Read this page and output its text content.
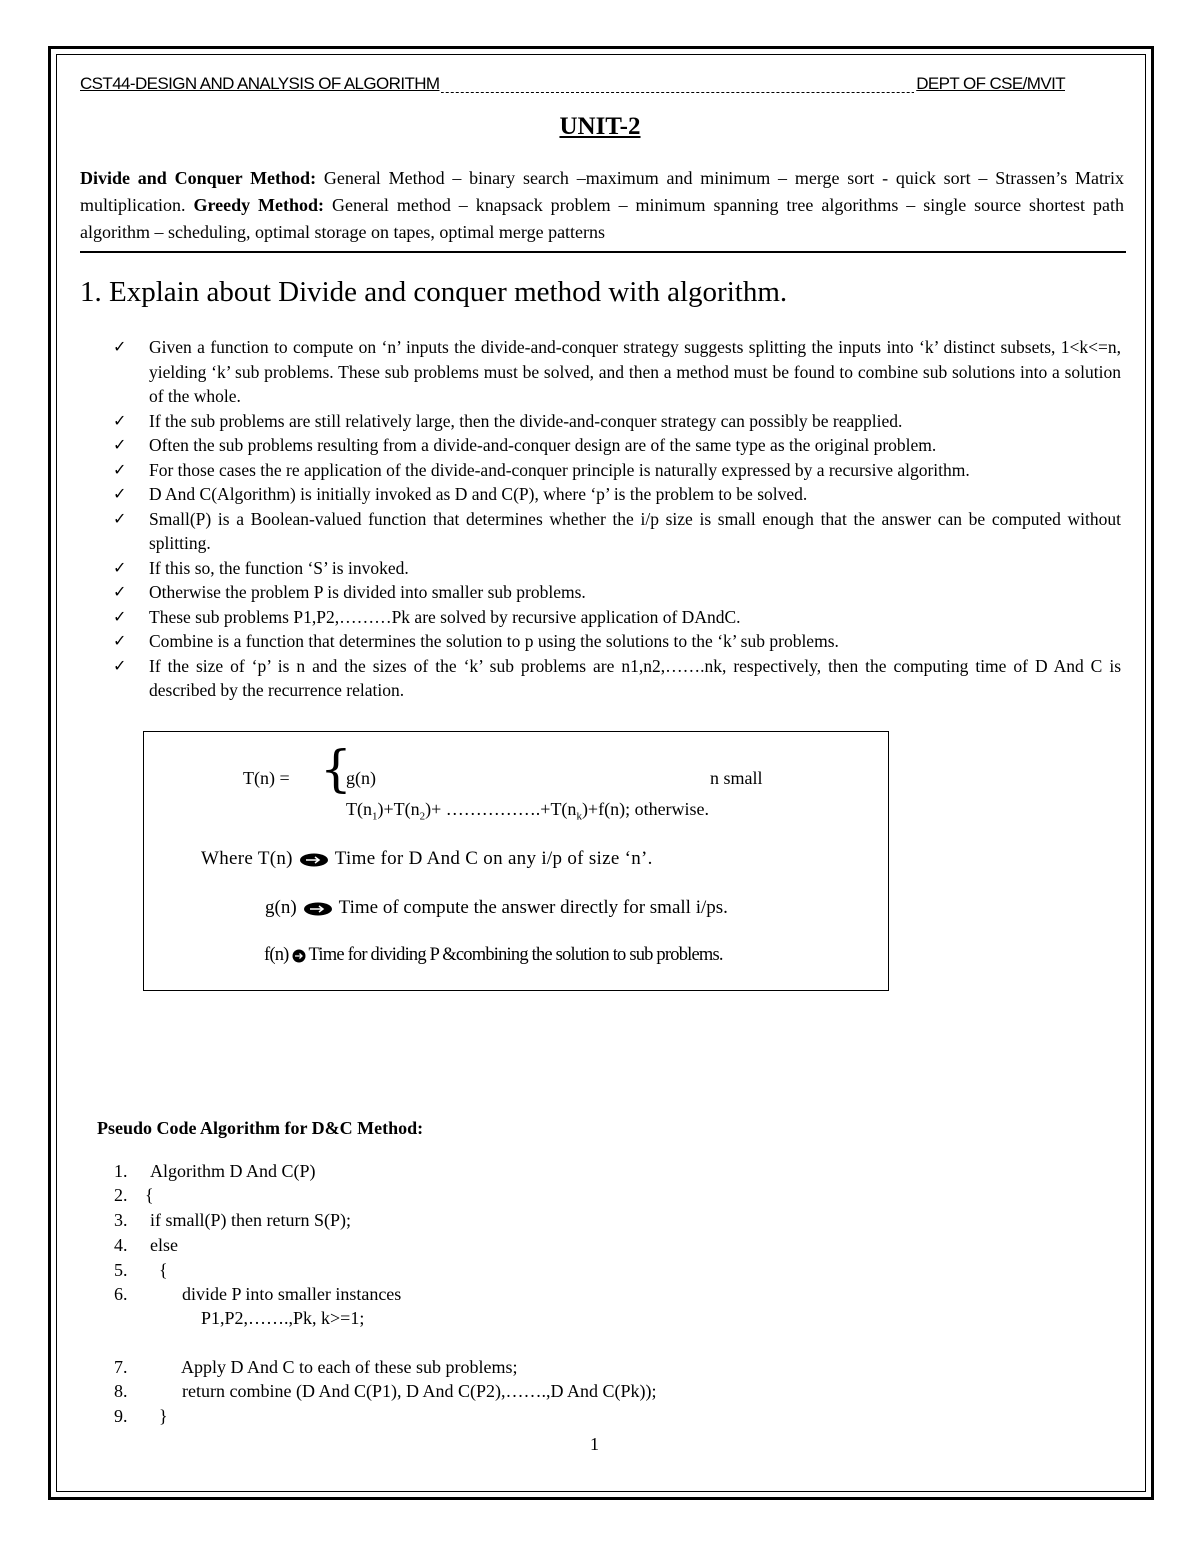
CST44-DESIGN AND ANALYSIS OF ALGORITHM	DEPT OF CSE/MVIT
UNIT-2
Divide and Conquer Method: General Method – binary search –maximum and minimum – merge sort - quick sort – Strassen’s Matrix multiplication. Greedy Method: General method – knapsack problem – minimum spanning tree algorithms – single source shortest path algorithm – scheduling, optimal storage on tapes, optimal merge patterns
1. Explain about Divide and conquer method with algorithm.
✓ Given a function to compute on ‘n’ inputs the divide-and-conquer strategy suggests splitting the inputs into ‘k’ distinct subsets, 1<k<=n, yielding ‘k’ sub problems. These sub problems must be solved, and then a method must be found to combine sub solutions into a solution of the whole.
✓ If the sub problems are still relatively large, then the divide-and-conquer strategy can possibly be reapplied.
✓ Often the sub problems resulting from a divide-and-conquer design are of the same type as the original problem.
✓ For those cases the re application of the divide-and-conquer principle is naturally expressed by a recursive algorithm.
✓ D And C(Algorithm) is initially invoked as D and C(P), where ‘p’ is the problem to be solved.
✓ Small(P) is a Boolean-valued function that determines whether the i/p size is small enough that the answer can be computed without splitting.
✓ If this so, the function ‘S’ is invoked.
✓ Otherwise the problem P is divided into smaller sub problems.
✓ These sub problems P1,P2,………Pk are solved by recursive application of DAndC.
✓ Combine is a function that determines the solution to p using the solutions to the ‘k’ sub problems.
✓ If the size of ‘p’ is n and the sizes of the ‘k’ sub problems are n1,n2,…….nk, respectively, then the computing time of D And C is described by the recurrence relation.
T(n) = {
g(n)	n small
$T(n_1)+T(n_2)+$ $\dots\dots\dots\dots\dots.+T(n_k)+f(n)$; otherwise.
Where T(n) Time for D And C on any i/p of size ‘n’.
g(n) Time of compute the answer directly for small i/ps.
f(n) Time for dividing P &combining the solution to sub problems.
Pseudo Code Algorithm for D&C Method:
1. Algorithm D And C(P)
2. {
3. if small(P) then return S(P);
4. else
5. {
6. divide P into smaller instances
P1,P2,…….,Pk, k>=1;
7. Apply D And C to each of these sub problems;
8. return combine (D And C(P1), D And C(P2),…….,D And C(Pk));
9. }
1
